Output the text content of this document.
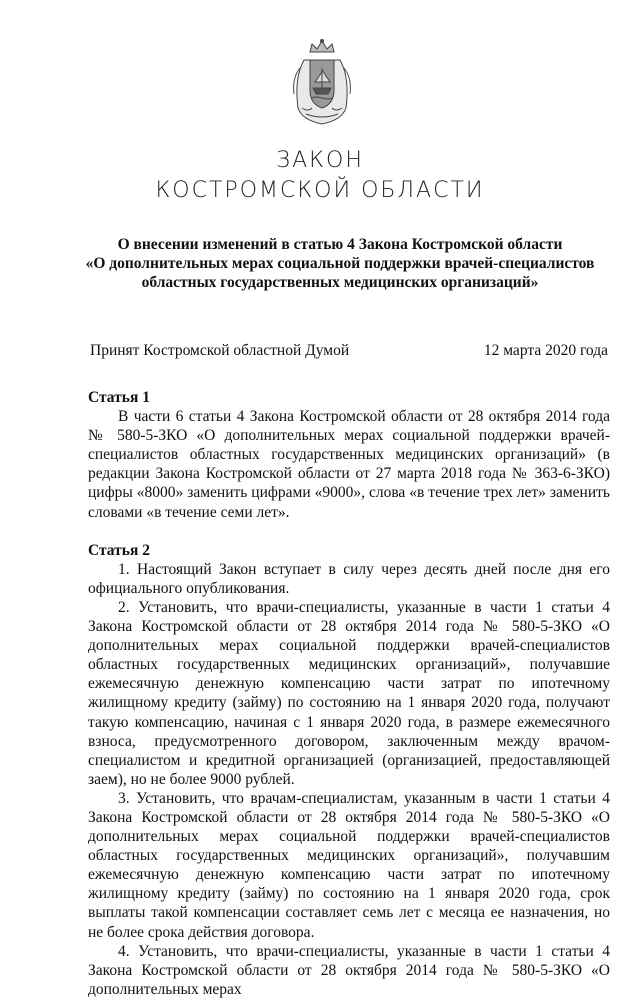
ЗАКОН
КОСТРОМСКОЙ ОБЛАСТИ
О внесении изменений в статью 4 Закона Костромской области
«О дополнительных мерах социальной поддержки врачей-специалистов
областных государственных медицинских организаций»
Принят Костромской областной Думой	12 марта 2020 года
Статья 1

В части 6 статьи 4 Закона Костромской области от 28 октября 2014 года № 580-5-ЗКО «О дополнительных мерах социальной поддержки врачей-специалистов областных государственных медицинских организаций» (в редакции Закона Костромской области от 27 марта 2018 года № 363-6-ЗКО) цифры «8000» заменить цифрами «9000», слова «в течение трех лет» заменить словами «в течение семи лет».

Статья 2

1. Настоящий Закон вступает в силу через десять дней после дня его официального опубликования.

2. Установить, что врачи-специалисты, указанные в части 1 статьи 4 Закона Костромской области от 28 октября 2014 года № 580-5-ЗКО «О дополнительных мерах социальной поддержки врачей-специалистов областных государственных медицинских организаций», получавшие ежемесячную денежную компенсацию части затрат по ипотечному жилищному кредиту (займу) по состоянию на 1 января 2020 года, получают такую компенсацию, начиная с 1 января 2020 года, в размере ежемесячного взноса, предусмотренного договором, заключенным между врачом-специалистом и кредитной организацией (организацией, предоставляющей заем), но не более 9000 рублей.

3. Установить, что врачам-специалистам, указанным в части 1 статьи 4 Закона Костромской области от 28 октября 2014 года № 580-5-ЗКО «О дополнительных мерах социальной поддержки врачей-специалистов областных государственных медицинских организаций», получавшим ежемесячную денежную компенсацию части затрат по ипотечному жилищному кредиту (займу) по состоянию на 1 января 2020 года, срок выплаты такой компенсации составляет семь лет с месяца ее назначения, но не более срока действия договора.

4. Установить, что врачи-специалисты, указанные в части 1 статьи 4 Закона Костромской области от 28 октября 2014 года № 580-5-ЗКО «О дополнительных мерах
